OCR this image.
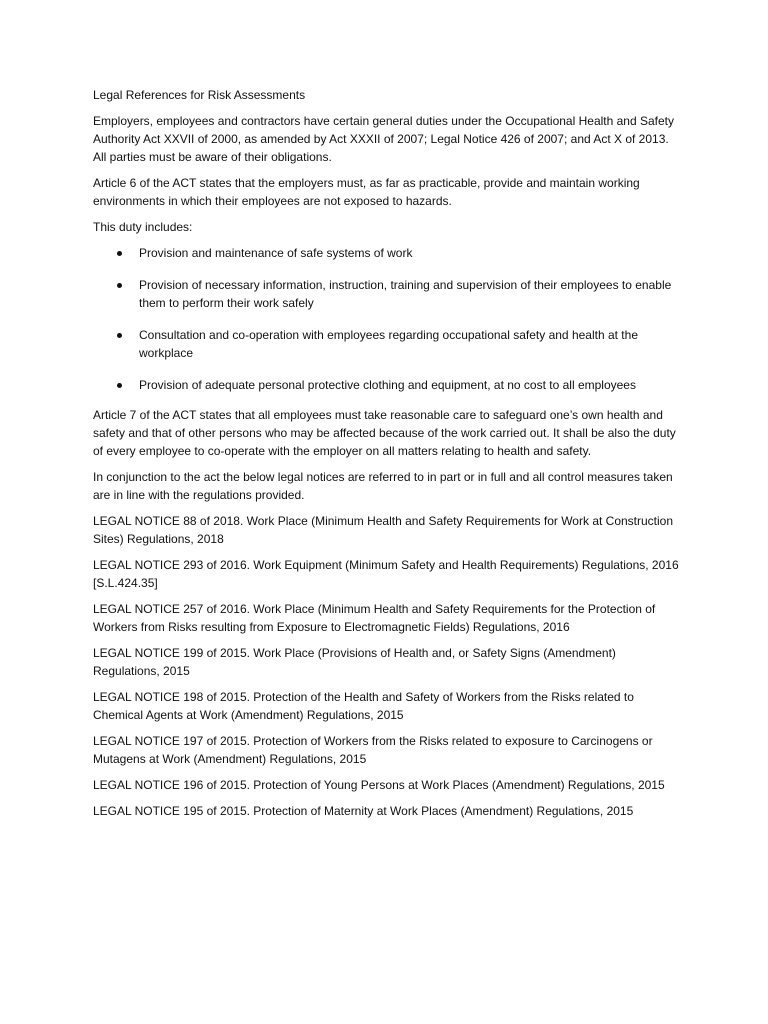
Legal References for Risk Assessments

Employers, employees and contractors have certain general duties under the Occupational Health and Safety Authority Act XXVII of 2000, as amended by Act XXXII of 2007; Legal Notice 426 of 2007; and Act X of 2013. All parties must be aware of their obligations.

Article 6 of the ACT states that the employers must, as far as practicable, provide and maintain working environments in which their employees are not exposed to hazards.

This duty includes:

Provision and maintenance of safe systems of work
Provision of necessary information, instruction, training and supervision of their employees to enable them to perform their work safely
Consultation and co-operation with employees regarding occupational safety and health at the workplace
Provision of adequate personal protective clothing and equipment, at no cost to all employees

Article 7 of the ACT states that all employees must take reasonable care to safeguard one’s own health and safety and that of other persons who may be affected because of the work carried out. It shall be also the duty of every employee to co-operate with the employer on all matters relating to health and safety.

In conjunction to the act the below legal notices are referred to in part or in full and all control measures taken are in line with the regulations provided.

LEGAL NOTICE 88 of 2018. Work Place (Minimum Health and Safety Requirements for Work at Construction Sites) Regulations, 2018

LEGAL NOTICE 293 of 2016. Work Equipment (Minimum Safety and Health Requirements) Regulations, 2016 [S.L.424.35]

LEGAL NOTICE 257 of 2016. Work Place (Minimum Health and Safety Requirements for the Protection of Workers from Risks resulting from Exposure to Electromagnetic Fields) Regulations, 2016

LEGAL NOTICE 199 of 2015. Work Place (Provisions of Health and, or Safety Signs (Amendment) Regulations, 2015

LEGAL NOTICE 198 of 2015. Protection of the Health and Safety of Workers from the Risks related to Chemical Agents at Work (Amendment) Regulations, 2015

LEGAL NOTICE 197 of 2015. Protection of Workers from the Risks related to exposure to Carcinogens or Mutagens at Work (Amendment) Regulations, 2015

LEGAL NOTICE 196 of 2015. Protection of Young Persons at Work Places (Amendment) Regulations, 2015

LEGAL NOTICE 195 of 2015. Protection of Maternity at Work Places (Amendment) Regulations, 2015
